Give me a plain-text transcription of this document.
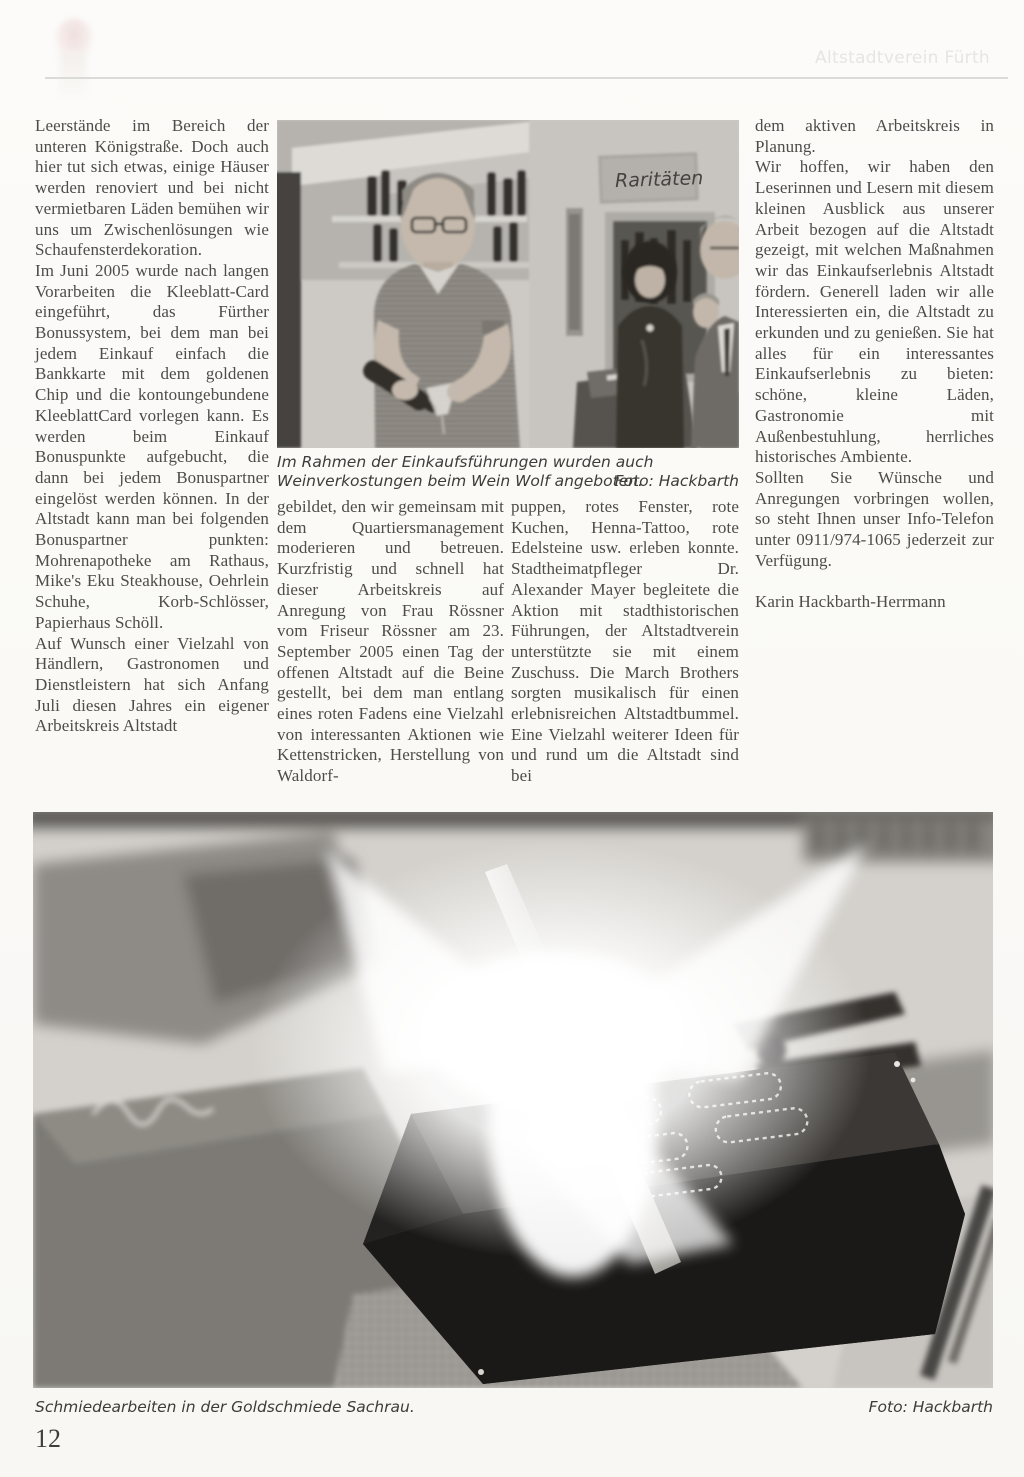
Altstadtverein Fürth

Leerstände im Bereich der unteren Königstraße. Doch auch hier tut sich etwas, einige Häuser werden renoviert und bei nicht vermietbaren Läden bemühen wir uns um Zwischenlösungen wie Schaufensterdekoration.

Im Juni 2005 wurde nach langen Vorarbeiten die Kleeblatt-Card eingeführt, das Fürther Bonussystem, bei dem man bei jedem Einkauf einfach die Bankkarte mit dem goldenen Chip und die kontoungebundene KleeblattCard vorlegen kann. Es werden beim Einkauf Bonuspunkte aufgebucht, die dann bei jedem Bonuspartner eingelöst werden können. In der Altstadt kann man bei folgenden Bonuspartner punkten: Mohrenapotheke am Rathaus, Mike's Eku Steakhouse, Oehrlein Schuhe, Korb-Schlösser, Papierhaus Schöll.

Auf Wunsch einer Vielzahl von Händlern, Gastronomen und Dienstleistern hat sich Anfang Juli diesen Jahres ein eigener Arbeitskreis Altstadt

Raritäten
Im Rahmen der Einkaufsführungen wurden auch Weinverkostungen beim Wein Wolf angeboten.
Foto: Hackbarth
gebildet, den wir gemeinsam mit dem Quartiersmanagement moderieren und betreuen. Kurzfristig und schnell hat dieser Arbeitskreis auf Anregung von Frau Rössner vom Friseur Rössner am 23. September 2005 einen Tag der offenen Altstadt auf die Beine gestellt, bei dem man entlang eines roten Fadens eine Vielzahl von interessanten Aktionen wie Kettenstricken, Herstellung von Waldorf-
puppen, rotes Fenster, rote Kuchen, Henna-Tattoo, rote Edelsteine usw. erleben konnte. Stadtheimatpfleger Dr. Alexander Mayer begleitete die Aktion mit stadthistorischen Führungen, der Altstadtverein unterstützte sie mit einem Zuschuss. Die March Brothers sorgten musikalisch für einen erlebnisreichen Altstadtbummel. Eine Vielzahl weiterer Ideen für und rund um die Altstadt sind bei

dem aktiven Arbeitskreis in Planung.

Wir hoffen, wir haben den Leserinnen und Lesern mit diesem kleinen Ausblick aus unserer Arbeit bezogen auf die Altstadt gezeigt, mit welchen Maßnahmen wir das Einkaufserlebnis Altstadt fördern. Generell laden wir alle Interessierten ein, die Altstadt zu erkunden und zu genießen. Sie hat alles für ein interessantes Einkaufserlebnis zu bieten: schöne, kleine Läden, Gastronomie mit Außenbestuhlung, herrliches historisches Ambiente.

Sollten Sie Wünsche und Anregungen vorbringen wollen, so steht Ihnen unser Info-Telefon unter 0911/974-1065 jederzeit zur Verfügung.

Karin Hackbarth-Herrmann

Schmiedearbeiten in der Goldschmiede Sachrau.	Foto: Hackbarth
12
